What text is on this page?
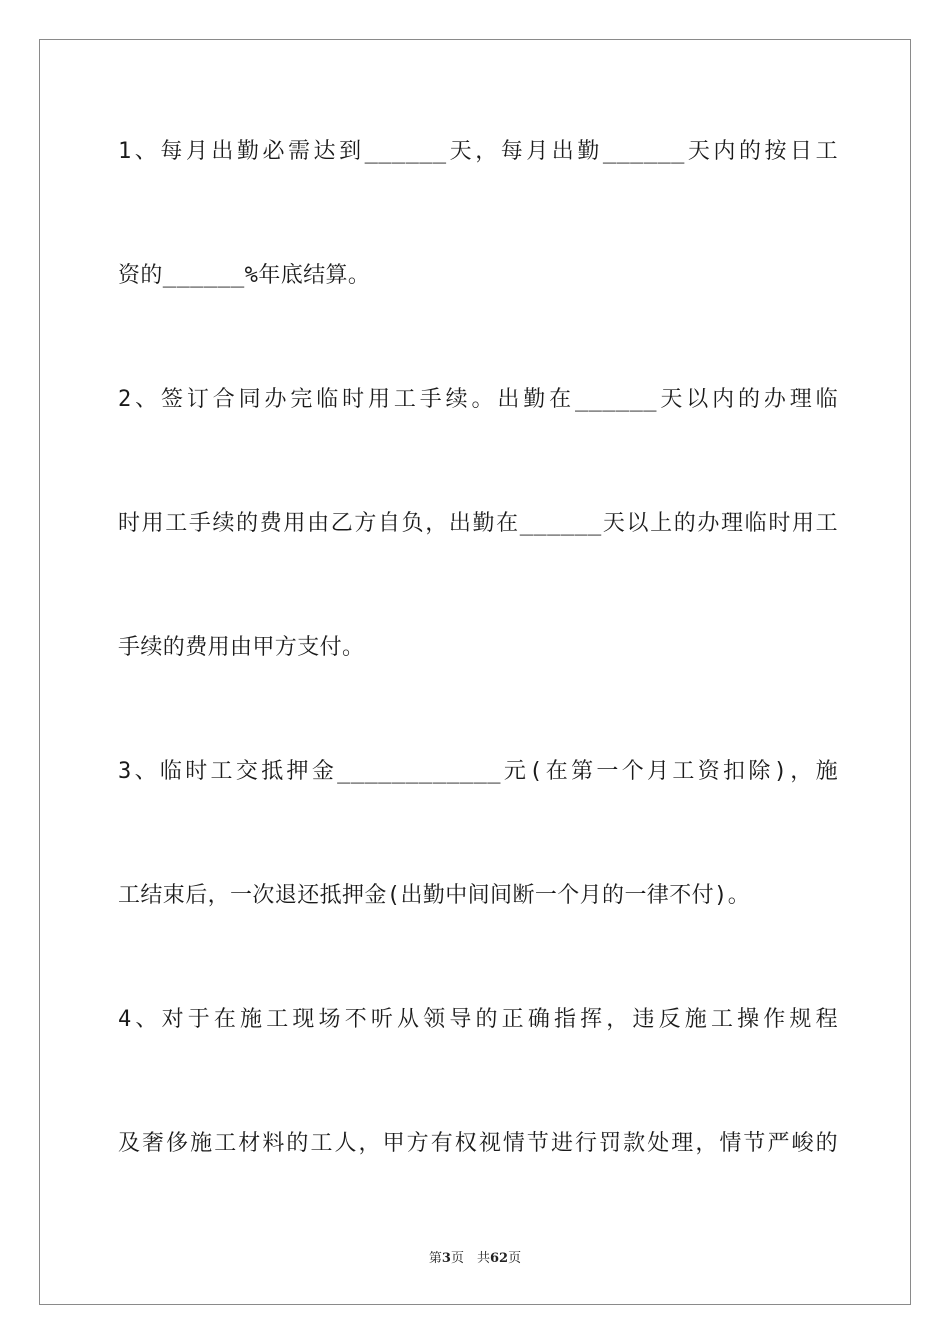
1、每月出勤必需达到______天，每月出勤______天内的按日工
资的______%年底结算。
2、签订合同办完临时用工手续。出勤在______天以内的办理临
时用工手续的费用由乙方自负，出勤在______天以上的办理临时用工
手续的费用由甲方支付。
3、临时工交抵押金____________元(在第一个月工资扣除)，施
工结束后，一次退还抵押金(出勤中间间断一个月的一律不付)。
4、对于在施工现场不听从领导的正确指挥，违反施工操作规程
及奢侈施工材料的工人，甲方有权视情节进行罚款处理，情节严峻的
第3页　共62页
